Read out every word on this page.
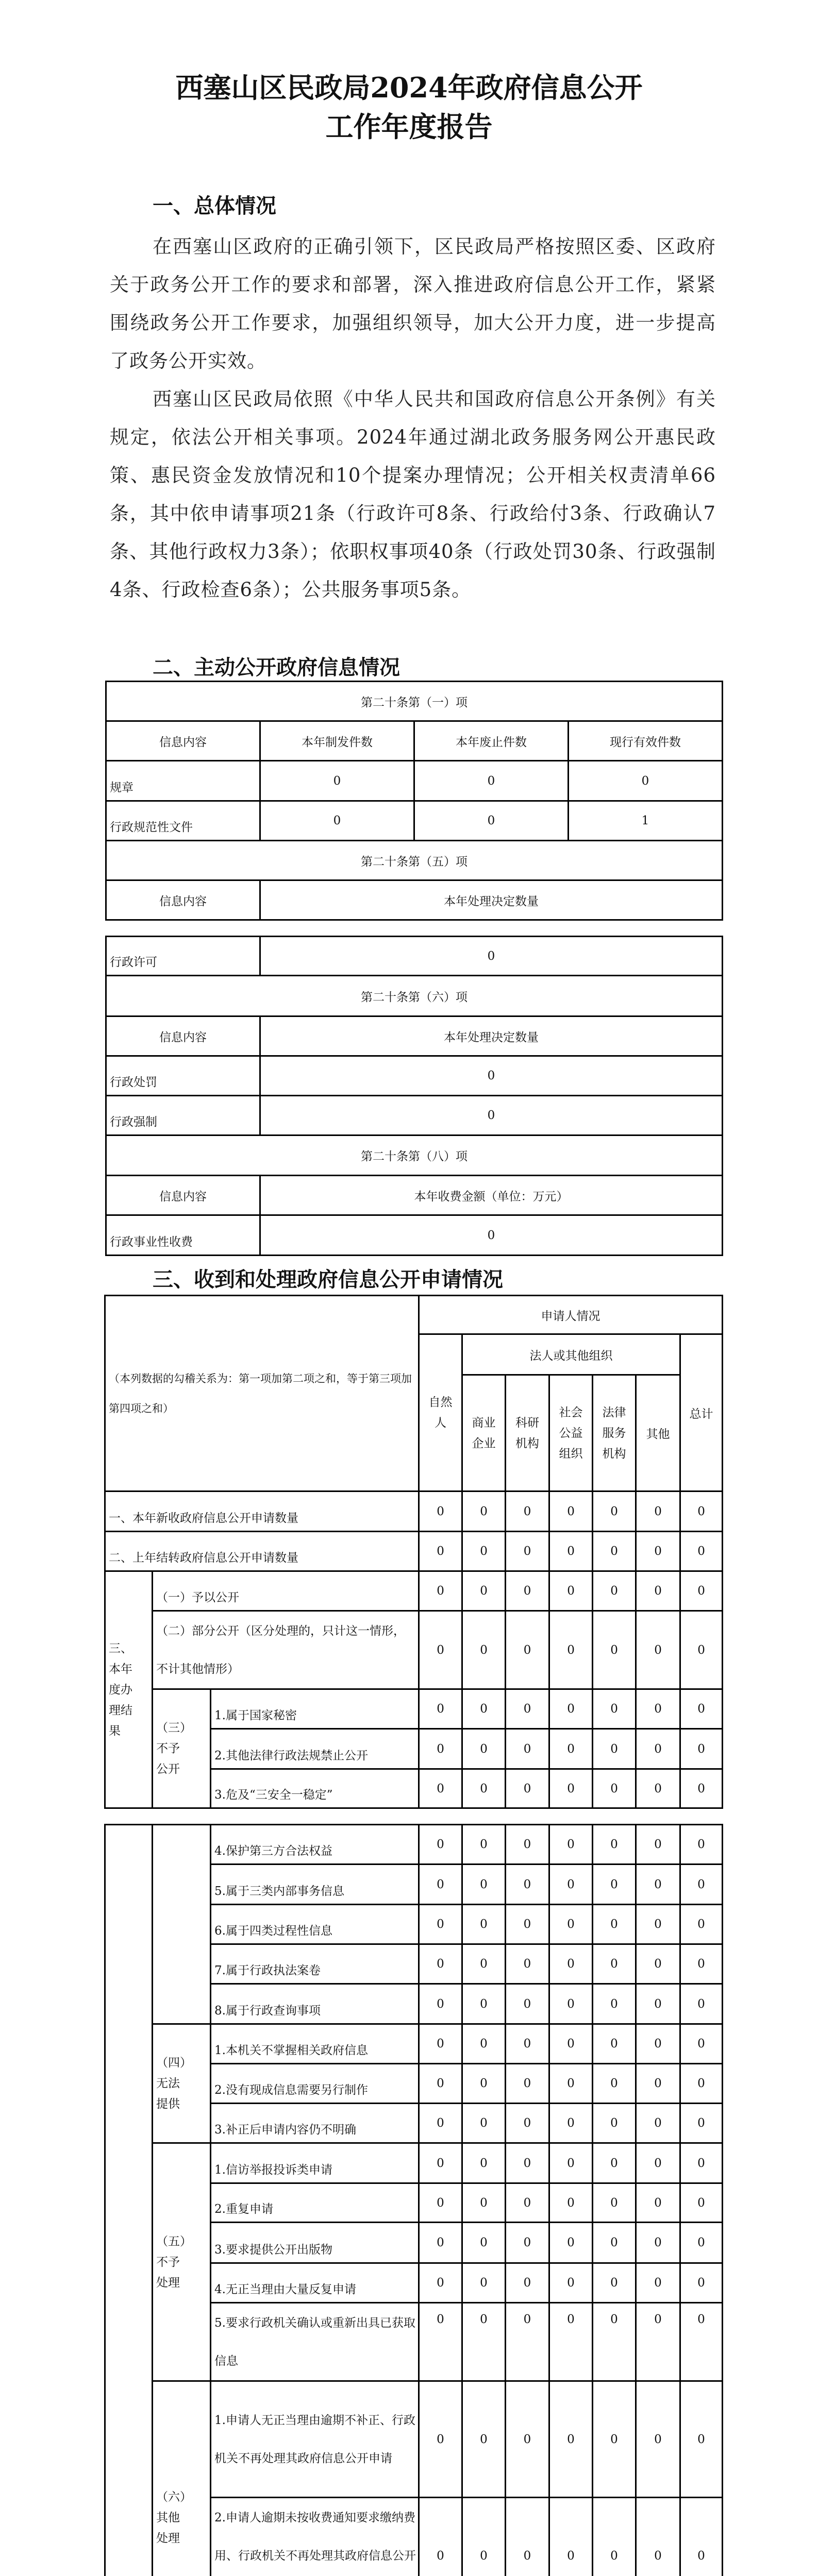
西塞山区民政局2024年政府信息公开
工作年度报告
一、总体情况
在西塞山区政府的正确引领下，区民政局严格按照区委、区政府关于政务公开工作的要求和部署，深入推进政府信息公开工作，紧紧围绕政务公开工作要求，加强组织领导，加大公开力度，进一步提高了政务公开实效。
西塞山区民政局依照《中华人民共和国政府信息公开条例》有关规定，依法公开相关事项。2024年通过湖北政务服务网公开惠民政策、惠民资金发放情况和10个提案办理情况；公开相关权责清单66条，其中依申请事项21条（行政许可8条、行政给付3条、行政确认7条、其他行政权力3条）；依职权事项40条（行政处罚30条、行政强制4条、行政检查6条）；公共服务事项5条。
二、主动公开政府信息情况
第二十条第（一）项			
信息内容	本年制发件数	本年废止件数	现行有效件数
规章	0	0	0
行政规范性文件	0	0	1
第二十条第（五）项			
信息内容	本年处理决定数量		
行政许可	0
第二十条第（六）项	
信息内容	本年处理决定数量
行政处罚	0
行政强制	0
第二十条第（八）项	
信息内容	本年收费金额（单位：万元）
行政事业性收费	0
三、收到和处理政府信息公开申请情况
（本列数据的勾稽关系为：第一项加第二项之和，等于第三项加第四项之和）			申请人情况						

			自然人	法人或其他组织					总计

				商业企业	科研机构	社会公益组织	法律服务机构	其他	
一、本年新收政府信息公开申请数量			0	0	0	0	0	0	0
二、上年结转政府信息公开申请数量			0	0	0	0	0	0	0

三、本年度办理结果	（一）予以公开		0	0	0	0	0	0	0
	（二）部分公开（区分处理的，只计这一情形，不计其他情形）		0	0	0	0	0	0	0

	（三）不予公开	1.属于国家秘密	0	0	0	0	0	0	0
		2.其他法律行政法规禁止公开	0	0	0	0	0	0	0
		3.危及“三安全一稳定”	0	0	0	0	0	0	0
		4.保护第三方合法权益	0	0	0	0	0	0	0
		5.属于三类内部事务信息	0	0	0	0	0	0	0
		6.属于四类过程性信息	0	0	0	0	0	0	0
		7.属于行政执法案卷	0	0	0	0	0	0	0
		8.属于行政查询事项	0	0	0	0	0	0	0

	（四）无法提供	1.本机关不掌握相关政府信息	0	0	0	0	0	0	0
		2.没有现成信息需要另行制作	0	0	0	0	0	0	0
		3.补正后申请内容仍不明确	0	0	0	0	0	0	0

	（五）不予处理	1.信访举报投诉类申请	0	0	0	0	0	0	0
		2.重复申请	0	0	0	0	0	0	0
		3.要求提供公开出版物	0	0	0	0	0	0	0
		4.无正当理由大量反复申请	0	0	0	0	0	0	0
		5.要求行政机关确认或重新出具已获取信息	0	0	0	0	0	0	0

	（六）其他处理	1.申请人无正当理由逾期不补正、行政机关不再处理其政府信息公开申请	0	0	0	0	0	0	0
		2.申请人逾期未按收费通知要求缴纳费用、行政机关不再处理其政府信息公开	0	0	0	0	0	0	0
